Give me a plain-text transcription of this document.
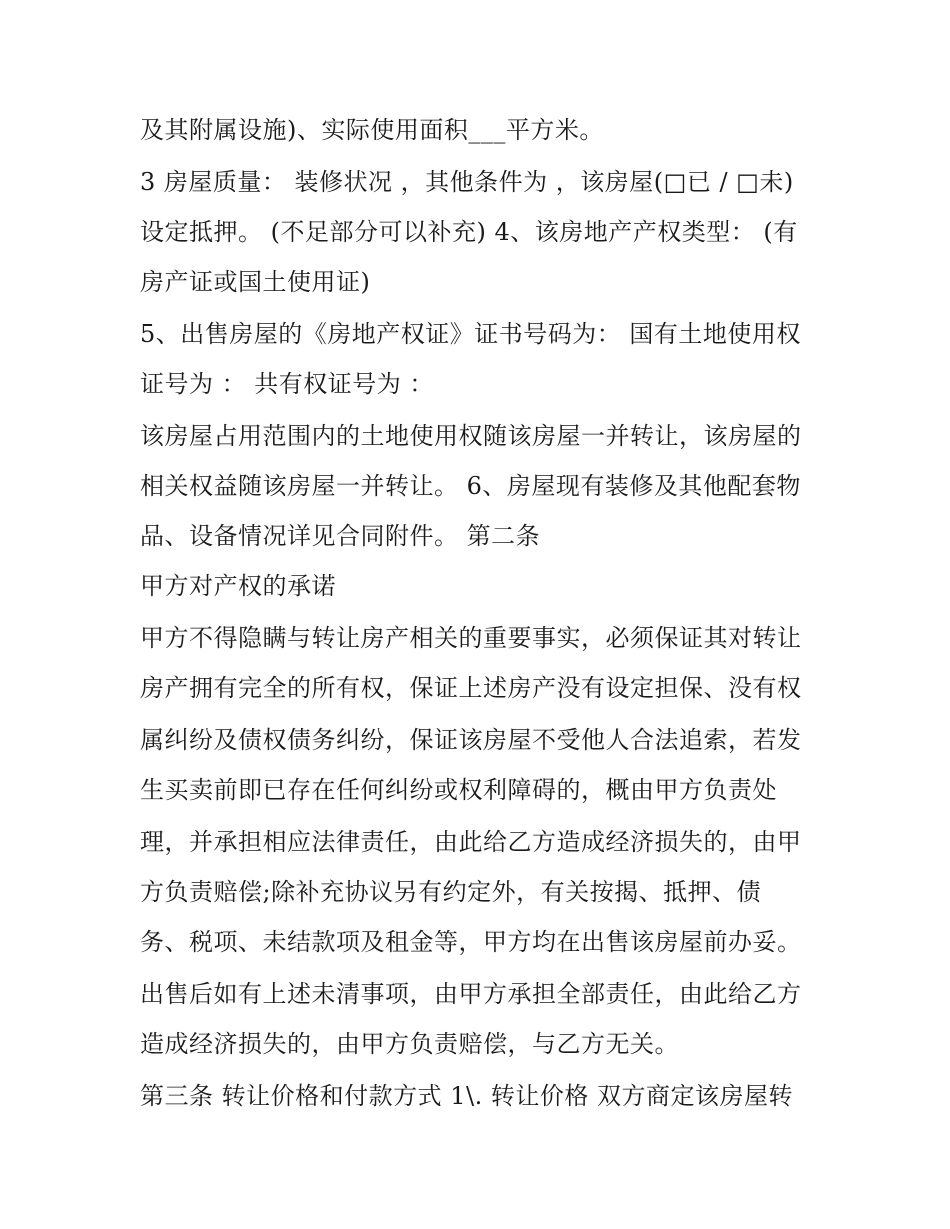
及其附属设施)、实际使用面积___平方米。
3 房屋质量： 装修状况 ，其他条件为 ，该房屋(□已 / □未)
设定抵押。 (不足部分可以补充) 4、该房地产产权类型： (有
房产证或国土使用证)
5、出售房屋的《房地产权证》证书号码为： 国有土地使用权
证号为 ： 共有权证号为 ：
该房屋占用范围内的土地使用权随该房屋一并转让，该房屋的
相关权益随该房屋一并转让。 6、房屋现有装修及其他配套物
品、设备情况详见合同附件。 第二条
甲方对产权的承诺
甲方不得隐瞒与转让房产相关的重要事实，必须保证其对转让
房产拥有完全的所有权，保证上述房产没有设定担保、没有权
属纠纷及债权债务纠纷，保证该房屋不受他人合法追索，若发
生买卖前即已存在任何纠纷或权利障碍的，概由甲方负责处
理，并承担相应法律责任，由此给乙方造成经济损失的，由甲
方负责赔偿;除补充协议另有约定外，有关按揭、抵押、债
务、税项、未结款项及租金等，甲方均在出售该房屋前办妥。
出售后如有上述未清事项，由甲方承担全部责任，由此给乙方
造成经济损失的，由甲方负责赔偿，与乙方无关。
第三条 转让价格和付款方式 1\. 转让价格 双方商定该房屋转
